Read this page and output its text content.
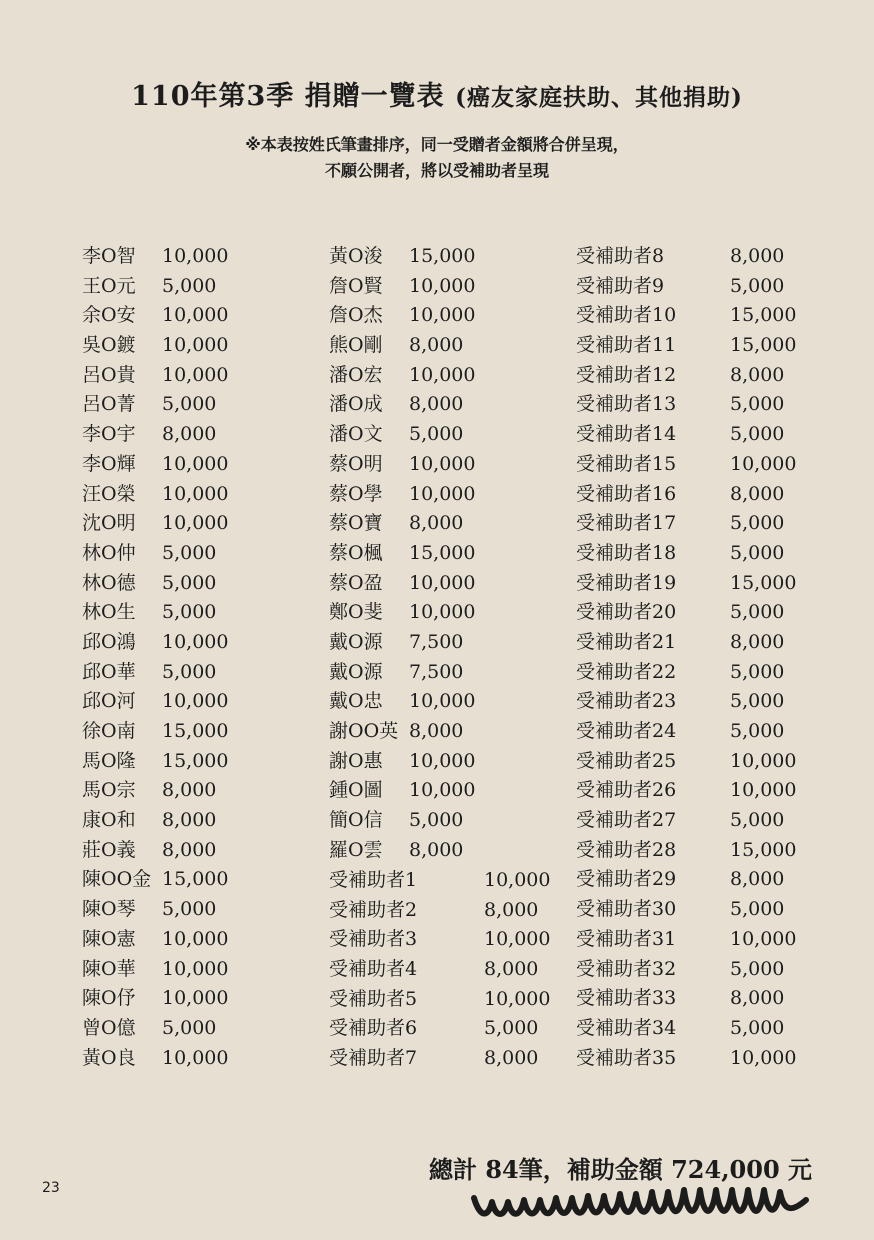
110年第3季 捐贈一覽表 (癌友家庭扶助、其他捐助)
※本表按姓氏筆畫排序，同一受贈者金額將合併呈現，
不願公開者，將以受補助者呈現
李O智 10,000
王O元 5,000
余O安 10,000
吳O鍍 10,000
呂O貴 10,000
呂O菁 5,000
李O宇 8,000
李O輝 10,000
汪O榮 10,000
沈O明 10,000
林O仲 5,000
林O德 5,000
林O生 5,000
邱O鴻 10,000
邱O華 5,000
邱O河 10,000
徐O南 15,000
馬O隆 15,000
馬O宗 8,000
康O和 8,000
莊O義 8,000
陳OO金 15,000
陳O琴 5,000
陳O憲 10,000
陳O華 10,000
陳O伃 10,000
曾O億 5,000
黃O良 10,000
黃O浚 15,000
詹O賢 10,000
詹O杰 10,000
熊O剛 8,000
潘O宏 10,000
潘O成 8,000
潘O文 5,000
蔡O明 10,000
蔡O學 10,000
蔡O寶 8,000
蔡O楓 15,000
蔡O盈 10,000
鄭O斐 10,000
戴O源 7,500
戴O源 7,500
戴O忠 10,000
謝OO英 8,000
謝O惠 10,000
鍾O圖 10,000
簡O信 5,000
羅O雲 8,000
受補助者1	10,000
受補助者2	8,000
受補助者3	10,000
受補助者4	8,000
受補助者5	10,000
受補助者6	5,000
受補助者7	8,000
受補助者8	8,000
受補助者9	5,000
受補助者10	15,000
受補助者11	15,000
受補助者12	8,000
受補助者13	5,000
受補助者14	5,000
受補助者15	10,000
受補助者16	8,000
受補助者17	5,000
受補助者18	5,000
受補助者19	15,000
受補助者20	5,000
受補助者21	8,000
受補助者22	5,000
受補助者23	5,000
受補助者24	5,000
受補助者25	10,000
受補助者26	10,000
受補助者27	5,000
受補助者28	15,000
受補助者29	8,000
受補助者30	5,000
受補助者31	10,000
受補助者32	5,000
受補助者33	8,000
受補助者34	5,000
受補助者35	10,000
總計 84筆，補助金額 724,000 元
23
